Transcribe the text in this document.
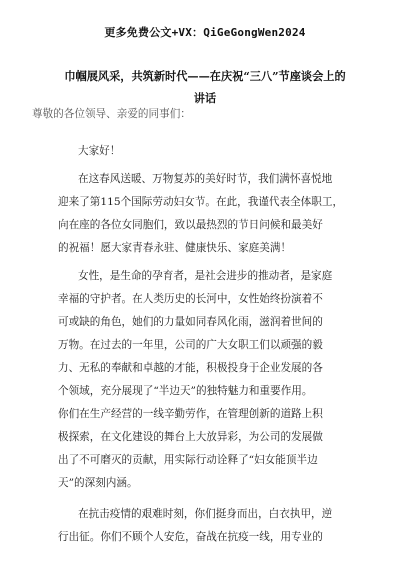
更多免费公文+VX：QiGeGongWen2024
巾帼展风采，共筑新时代——在庆祝“三八”节座谈会上的
讲话
尊敬的各位领导、亲爱的同事们：
大家好！
在这春风送暖、万物复苏的美好时节，我们满怀喜悦地
迎来了第115个国际劳动妇女节。在此，我谨代表全体职工，
向在座的各位女同胞们，致以最热烈的节日问候和最美好
的祝福！愿大家青春永驻、健康快乐、家庭美满！
女性，是生命的孕育者，是社会进步的推动者，是家庭
幸福的守护者。在人类历史的长河中，女性始终扮演着不
可或缺的角色，她们的力量如同春风化雨，滋润着世间的
万物。在过去的一年里，公司的广大女职工们以顽强的毅
力、无私的奉献和卓越的才能，积极投身于企业发展的各
个领域，充分展现了“半边天”的独特魅力和重要作用。
你们在生产经营的一线辛勤劳作，在管理创新的道路上积
极探索，在文化建设的舞台上大放异彩，为公司的发展做
出了不可磨灭的贡献，用实际行动诠释了“妇女能顶半边
天”的深刻内涵。
在抗击疫情的艰难时刻，你们挺身而出，白衣执甲，逆
行出征。你们不顾个人安危，奋战在抗疫一线，用专业的
